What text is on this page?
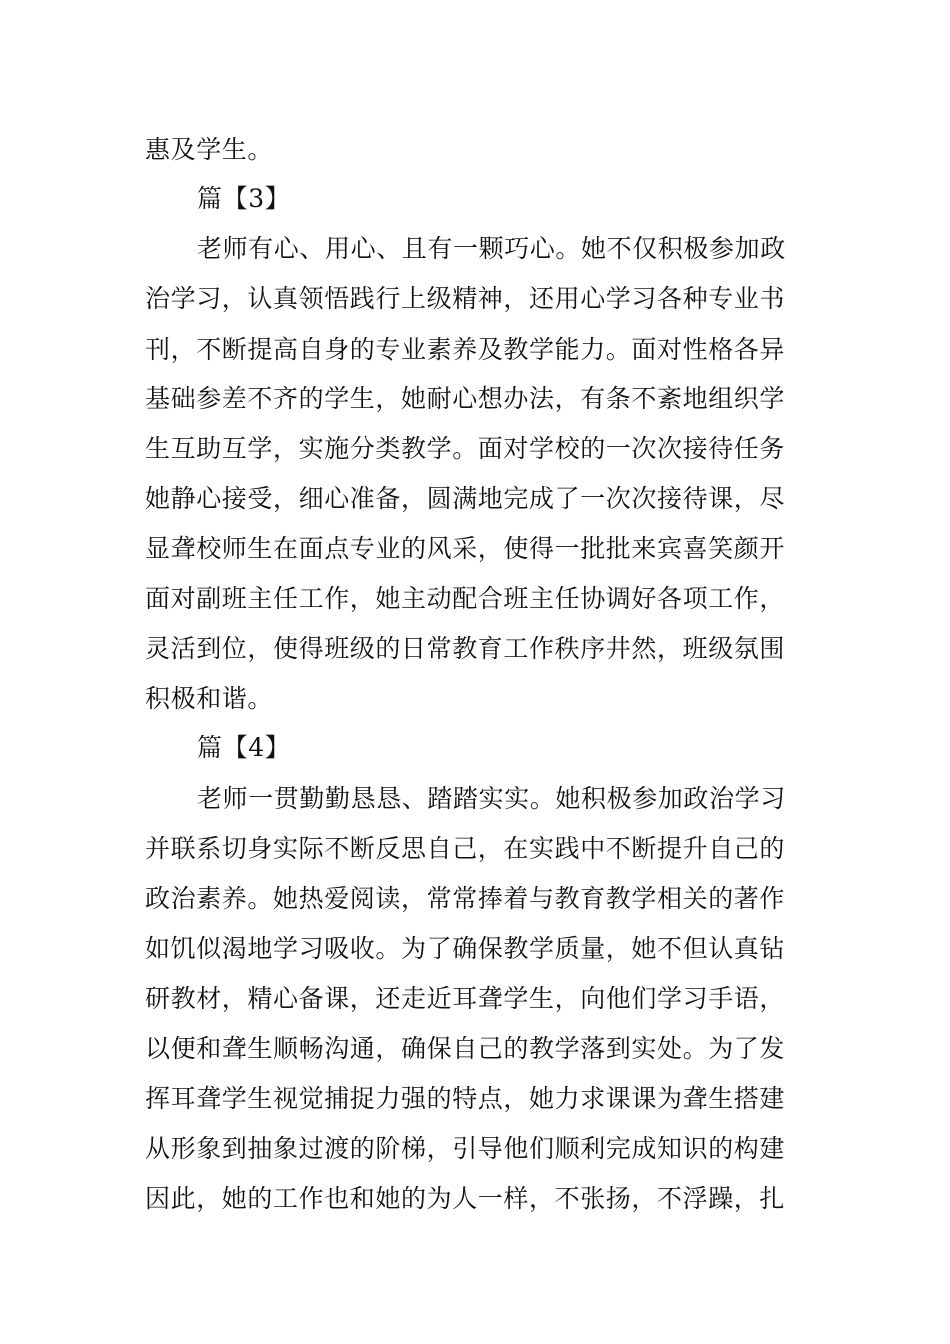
惠及学生。
篇【3】
老师有心、用心、且有一颗巧心。她不仅积极参加政
治学习，认真领悟践行上级精神，还用心学习各种专业书
刊，不断提高自身的专业素养及教学能力。面对性格各异
基础参差不齐的学生，她耐心想办法，有条不紊地组织学
生互助互学，实施分类教学。面对学校的一次次接待任务
她静心接受，细心准备，圆满地完成了一次次接待课，尽
显聋校师生在面点专业的风采，使得一批批来宾喜笑颜开
面对副班主任工作，她主动配合班主任协调好各项工作，
灵活到位，使得班级的日常教育工作秩序井然，班级氛围
积极和谐。
篇【4】
老师一贯勤勤恳恳、踏踏实实。她积极参加政治学习
并联系切身实际不断反思自己，在实践中不断提升自己的
政治素养。她热爱阅读，常常捧着与教育教学相关的著作
如饥似渴地学习吸收。为了确保教学质量，她不但认真钻
研教材，精心备课，还走近耳聋学生，向他们学习手语，
以便和聋生顺畅沟通，确保自己的教学落到实处。为了发
挥耳聋学生视觉捕捉力强的特点，她力求课课为聋生搭建
从形象到抽象过渡的阶梯，引导他们顺利完成知识的构建
因此，她的工作也和她的为人一样，不张扬，不浮躁，扎
